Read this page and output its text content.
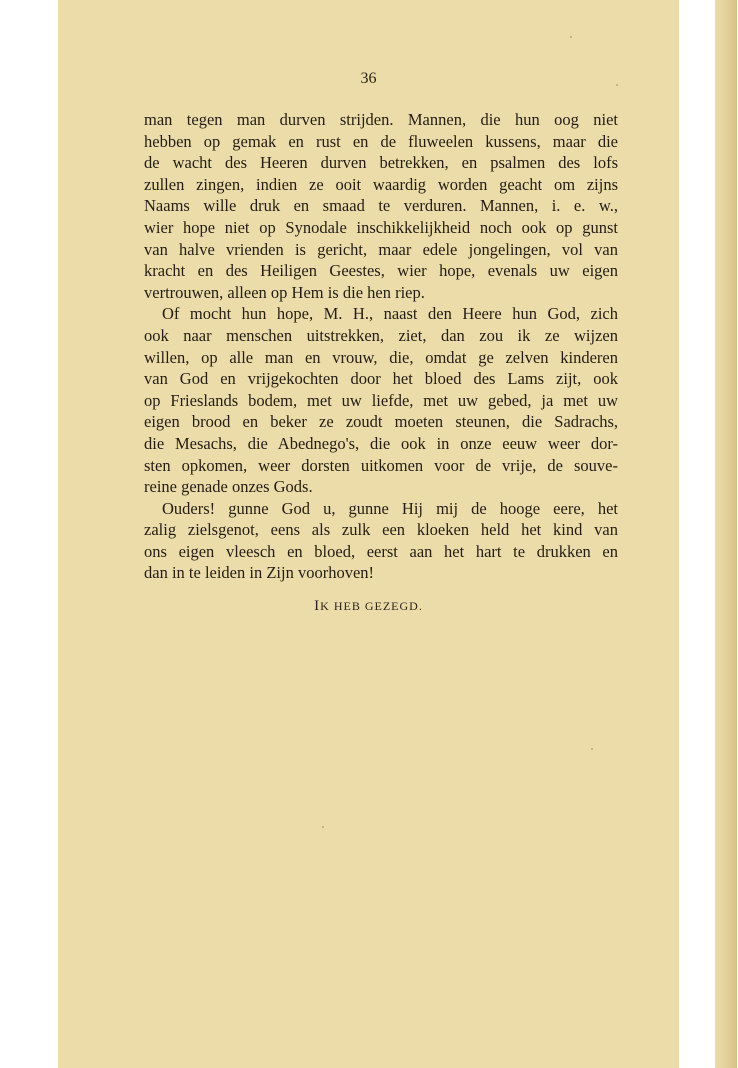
36
man tegen man durven strijden. Mannen, die hun oog niet
hebben op gemak en rust en de fluweelen kussens, maar die
de wacht des Heeren durven betrekken, en psalmen des lofs
zullen zingen, indien ze ooit waardig worden geacht om zijns
Naams wille druk en smaad te verduren. Mannen, i. e. w.,
wier hope niet op Synodale inschikkelijkheid noch ook op gunst
van halve vrienden is gericht, maar edele jongelingen, vol van
kracht en des Heiligen Geestes, wier hope, evenals uw eigen
vertrouwen, alleen op Hem is die hen riep.
Of mocht hun hope, M. H., naast den Heere hun God, zich
ook naar menschen uitstrekken, ziet, dan zou ik ze wijzen
willen, op alle man en vrouw, die, omdat ge zelven kinderen
van God en vrijgekochten door het bloed des Lams zijt, ook
op Frieslands bodem, met uw liefde, met uw gebed, ja met uw
eigen brood en beker ze zoudt moeten steunen, die Sadrachs,
die Mesachs, die Abednego's, die ook in onze eeuw weer dor-
sten opkomen, weer dorsten uitkomen voor de vrije, de souve-
reine genade onzes Gods.
Ouders! gunne God u, gunne Hij mij de hooge eere, het
zalig zielsgenot, eens als zulk een kloeken held het kind van
ons eigen vleesch en bloed, eerst aan het hart te drukken en
dan in te leiden in Zijn voorhoven!
IK HEB GEZEGD.
